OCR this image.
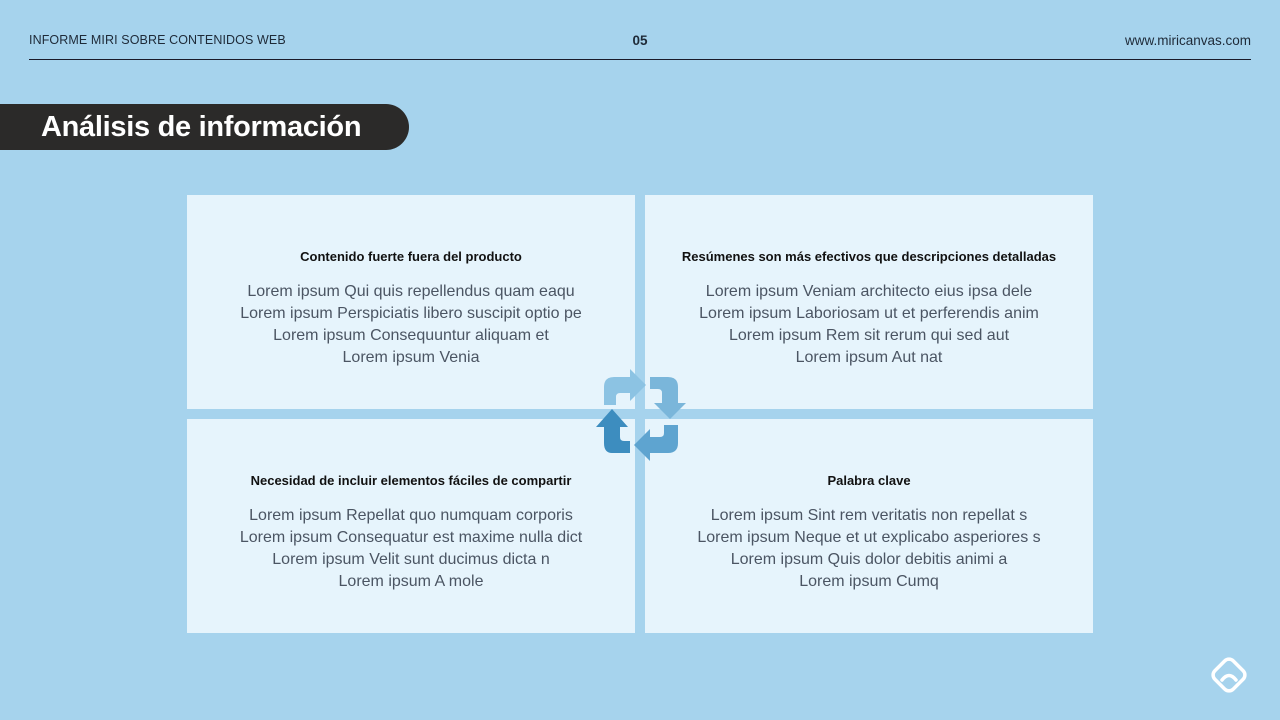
INFORME MIRI SOBRE CONTENIDOS WEB	05	www.miricanvas.com
Análisis de información
Contenido fuerte fuera del producto

Lorem ipsum Qui quis repellendus quam eaqu
Lorem ipsum Perspiciatis libero suscipit optio pe
Lorem ipsum Consequuntur aliquam et
Lorem ipsum Venia

Resúmenes son más efectivos que descripciones detalladas

Lorem ipsum Veniam architecto eius ipsa dele
Lorem ipsum Laboriosam ut et perferendis anim
Lorem ipsum Rem sit rerum qui sed aut
Lorem ipsum Aut nat

Necesidad de incluir elementos fáciles de compartir

Lorem ipsum Repellat quo numquam corporis
Lorem ipsum Consequatur est maxime nulla dict
Lorem ipsum Velit sunt ducimus dicta n
Lorem ipsum A mole

Palabra clave

Lorem ipsum Sint rem veritatis non repellat s
Lorem ipsum Neque et ut explicabo asperiores s
Lorem ipsum Quis dolor debitis animi a
Lorem ipsum Cumq
